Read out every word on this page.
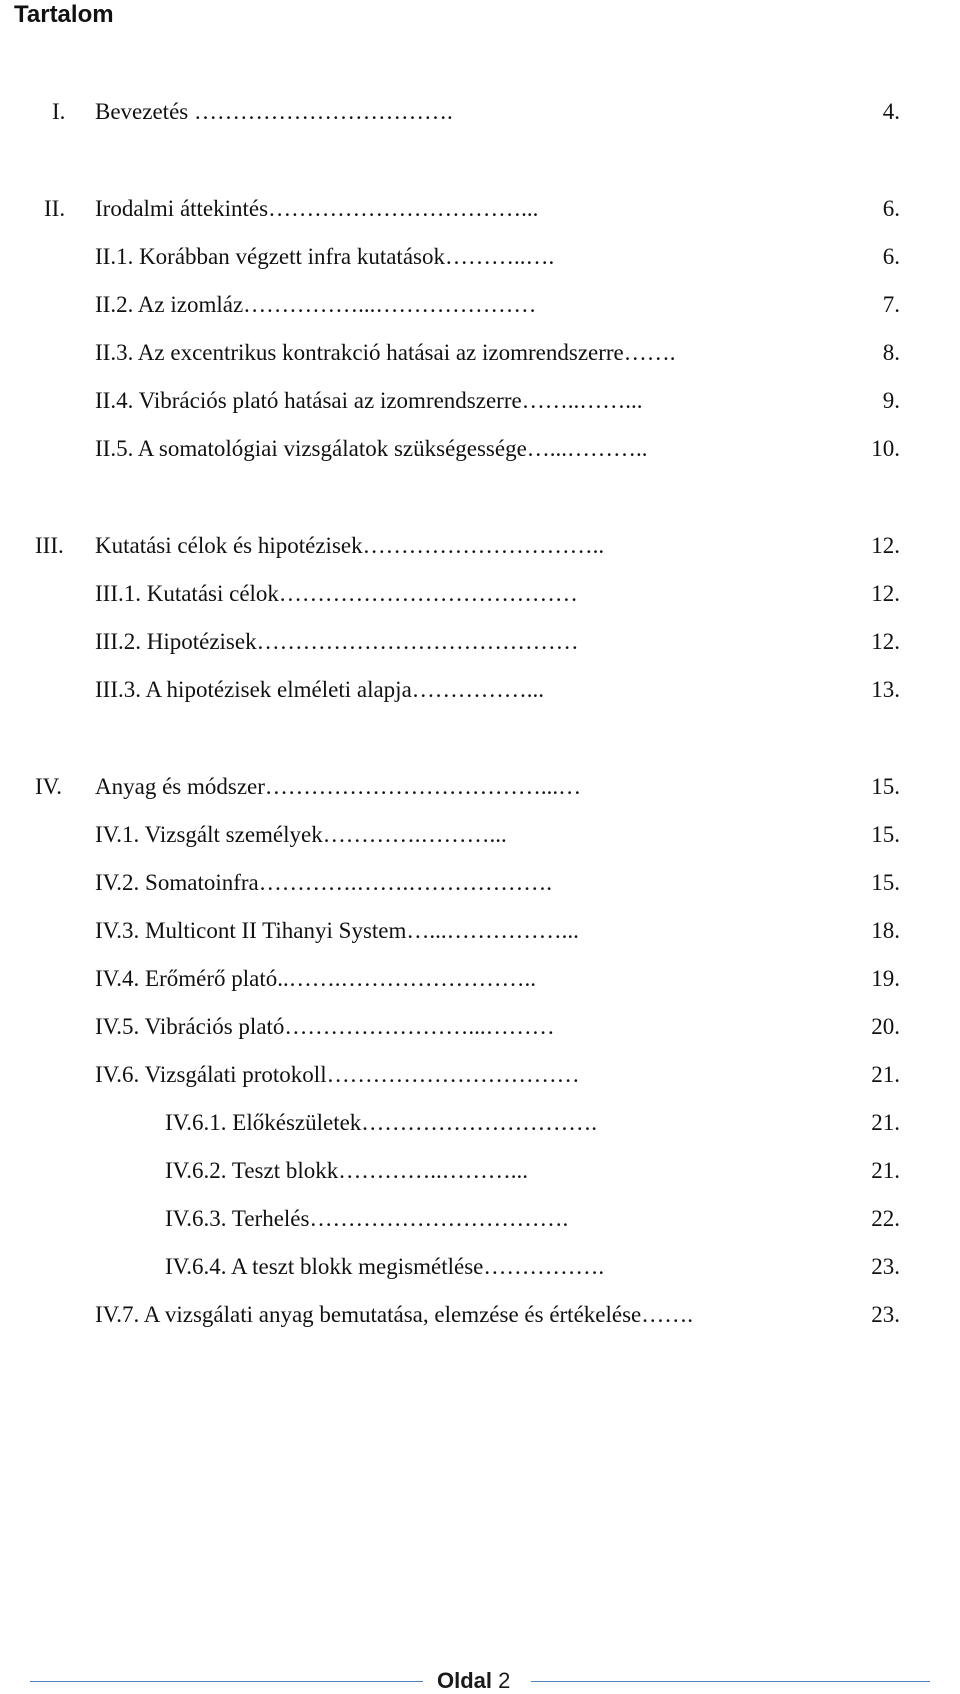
Tartalom
I. Bevezetés …………………………….	4.
II. Irodalmi áttekintés……………………………...	6.
II.1. Korábban végzett infra kutatások………..….	6.
II.2. Az izomláz……………...…………………	7.
II.3. Az excentrikus kontrakció hatásai az izomrendszerre…….	8.
II.4. Vibrációs plató hatásai az izomrendszerre……..……...	9.
II.5. A somatológiai vizsgálatok szükségessége…...………..	10.
III. Kutatási célok és hipotézisek…………………………..	12.
III.1. Kutatási célok…………………………………	12.
III.2. Hipotézisek……………………………………	12.
III.3. A hipotézisek elméleti alapja……………...	13.
IV. Anyag és módszer………………………………...…	15.
IV.1. Vizsgált személyek………….………...	15.
IV.2. Somatoinfra………….…….……………….	15.
IV.3. Multicont II Tihanyi System…...……………...	18.
IV.4. Erőmérő plató..…….……………………..	19.
IV.5. Vibrációs plató……………………...………	20.
IV.6. Vizsgálati protokoll……………………………	21.
IV.6.1. Előkészületek………………………….	21.
IV.6.2. Teszt blokk…………..………...	21.
IV.6.3. Terhelés…………………………….	22.
IV.6.4. A teszt blokk megismétlése…………….	23.
IV.7. A vizsgálati anyag bemutatása, elemzése és értékelése…….	23.
Oldal 2
